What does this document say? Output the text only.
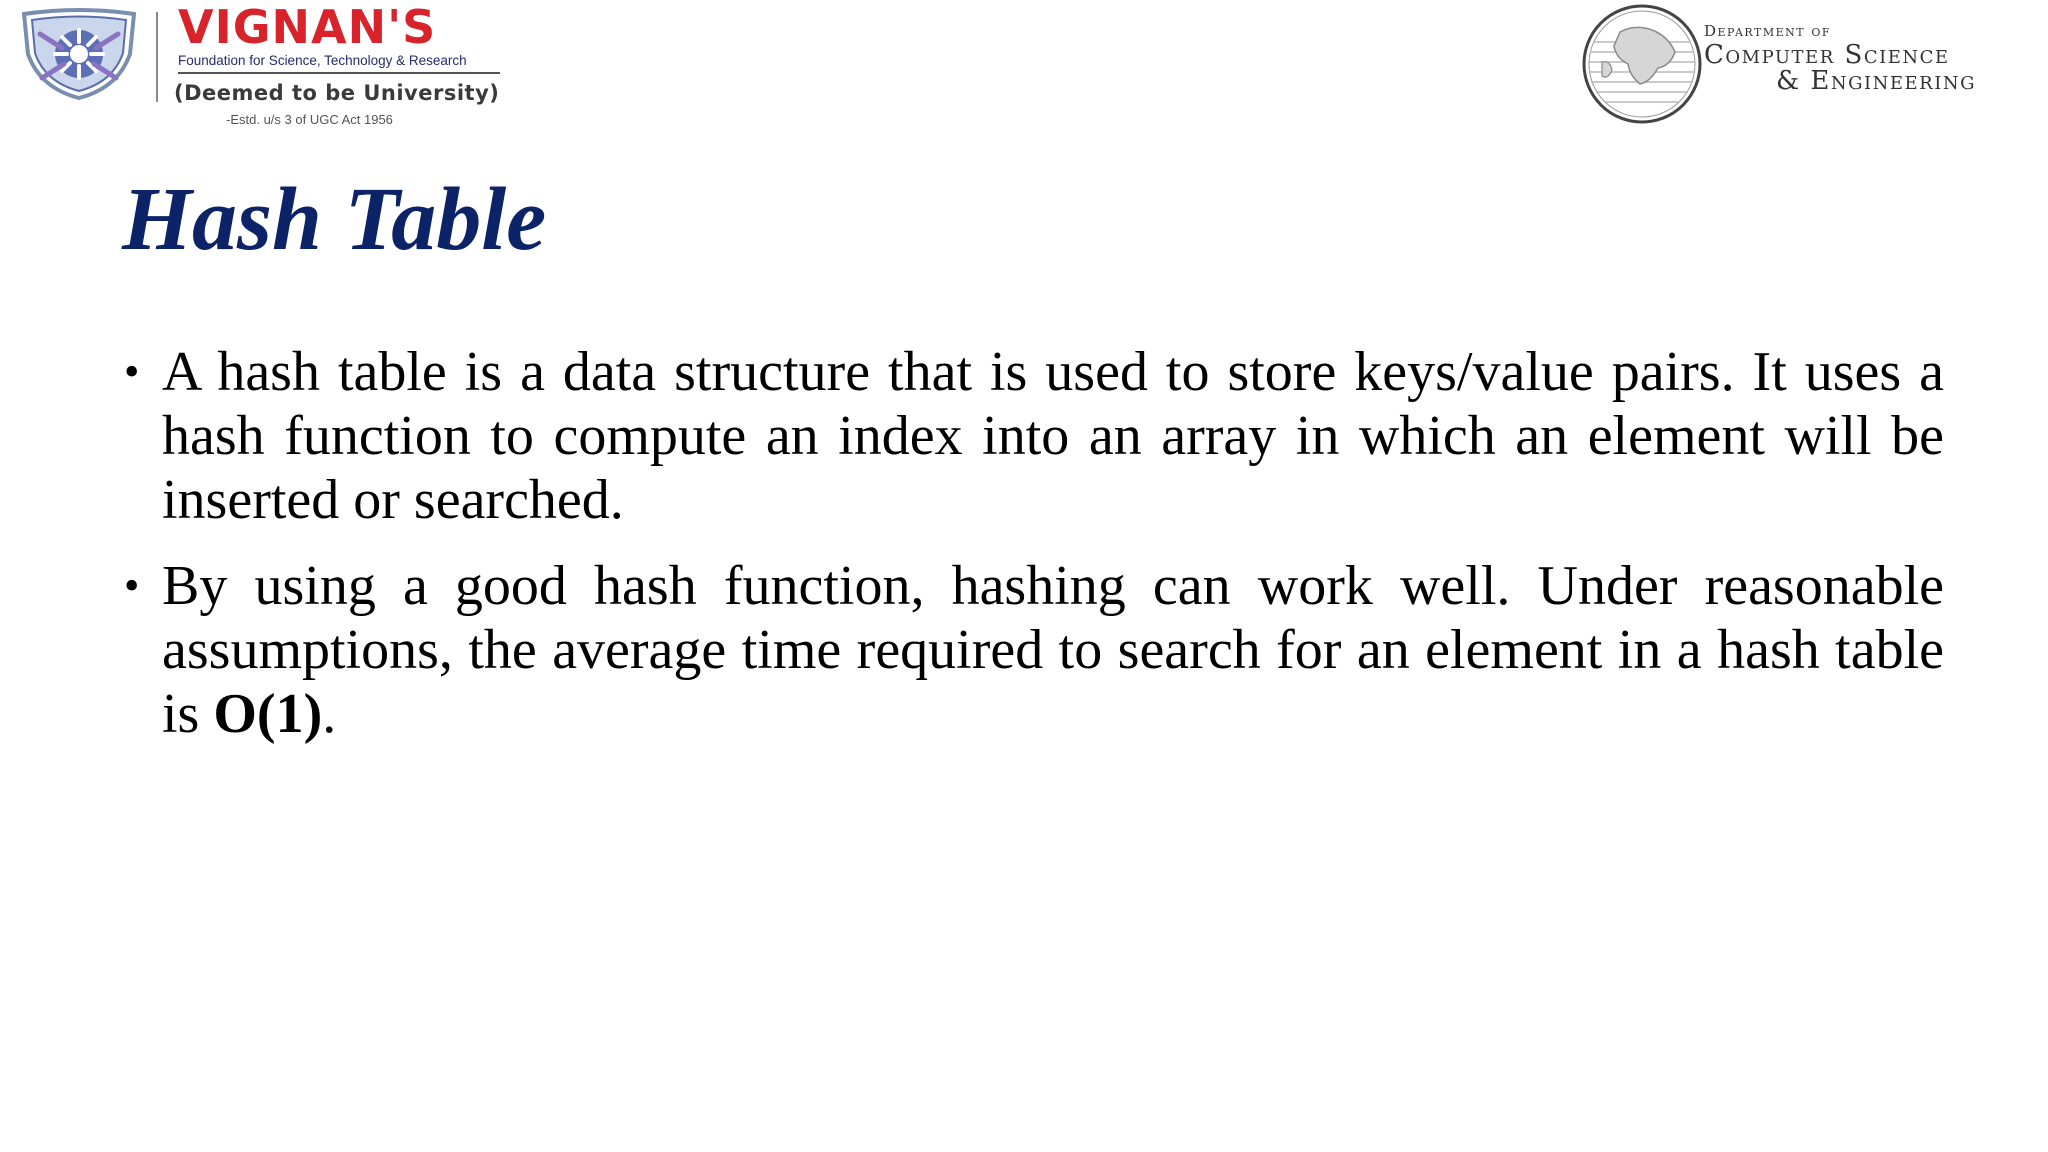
VIGNAN'S
Foundation for Science, Technology & Research
(Deemed to be University)
-Estd. u/s 3 of UGC Act 1956
Department of
Computer Science
& Engineering
Hash Table
• A hash table is a data structure that is used to store keys/value pairs. It uses a hash function to compute an index into an array in which an element will be inserted or searched.
• By using a good hash function, hashing can work well. Under reasonable assumptions, the average time required to search for an element in a hash table is O(1).
